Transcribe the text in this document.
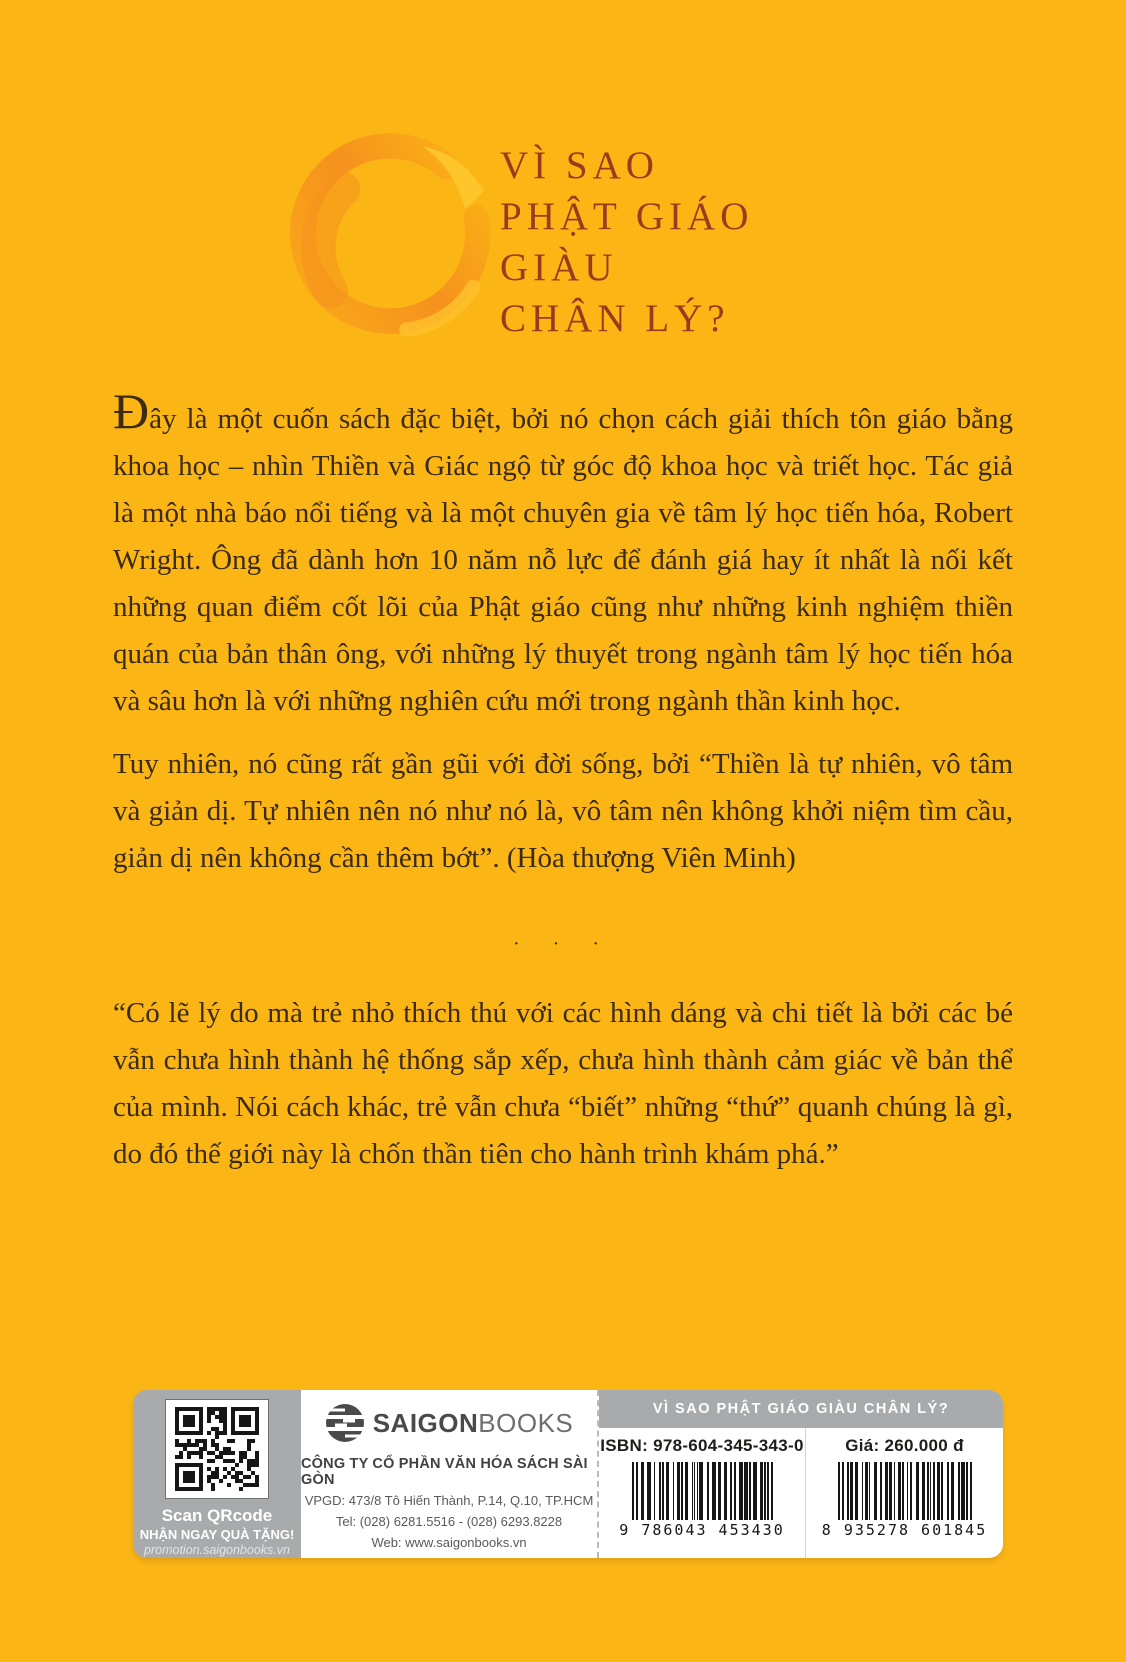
VÌ SAO
PHẬT GIÁO
GIÀU
CHÂN LÝ?

Đây là một cuốn sách đặc biệt, bởi nó chọn cách giải thích tôn giáo bằng khoa học – nhìn Thiền và Giác ngộ từ góc độ khoa học và triết học. Tác giả là một nhà báo nổi tiếng và là một chuyên gia về tâm lý học tiến hóa, Robert Wright. Ông đã dành hơn 10 năm nỗ lực để đánh giá hay ít nhất là nối kết những quan điểm cốt lõi của Phật giáo cũng như những kinh nghiệm thiền quán của bản thân ông, với những lý thuyết trong ngành tâm lý học tiến hóa và sâu hơn là với những nghiên cứu mới trong ngành thần kinh học.

Tuy nhiên, nó cũng rất gần gũi với đời sống, bởi “Thiền là tự nhiên, vô tâm và giản dị. Tự nhiên nên nó như nó là, vô tâm nên không khởi niệm tìm cầu, giản dị nên không cần thêm bớt”. (Hòa thượng Viên Minh)

· · ·

“Có lẽ lý do mà trẻ nhỏ thích thú với các hình dáng và chi tiết là bởi các bé vẫn chưa hình thành hệ thống sắp xếp, chưa hình thành cảm giác về bản thể của mình. Nói cách khác, trẻ vẫn chưa “biết” những “thứ” quanh chúng là gì, do đó thế giới này là chốn thần tiên cho hành trình khám phá.”

Scan QRcode
NHẬN NGAY QUÀ TẶNG!
promotion.saigonbooks.vn
SAIGONBOOKS
CÔNG TY CỔ PHẦN VĂN HÓA SÁCH SÀI GÒN
VPGD: 473/8 Tô Hiến Thành, P.14, Q.10, TP.HCM
Tel: (028) 6281.5516 - (028) 6293.8228
Web: www.saigonbooks.vn
VÌ SAO PHẬT GIÁO GIÀU CHÂN LÝ?
ISBN: 978-604-345-343-0
9 786043 453430
Giá: 260.000 đ
8 935278 601845
